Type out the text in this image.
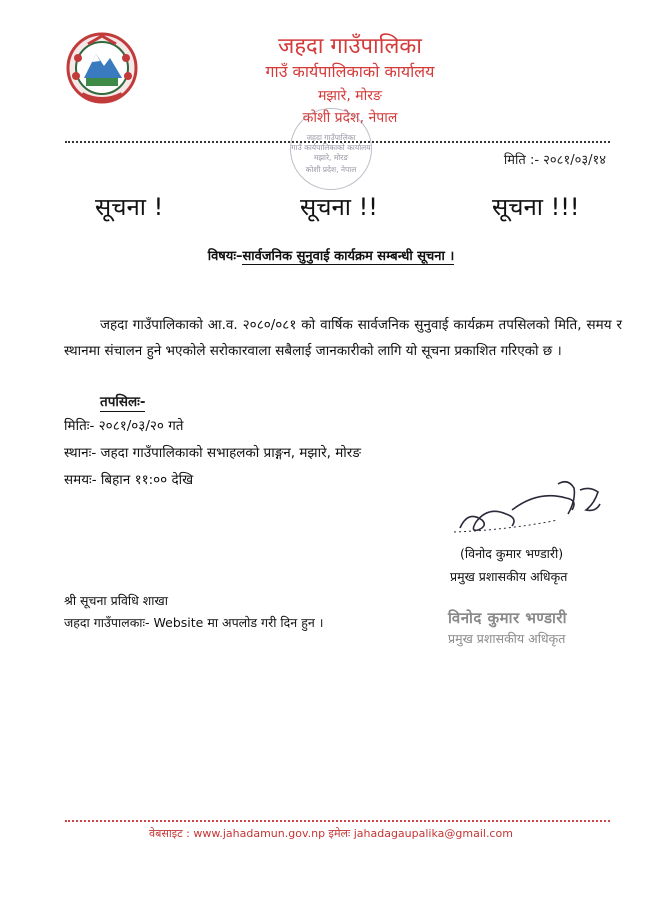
जहदा गाउँपालिका
गाउँ कार्यपालिकाको कार्यालय
मझारे, मोरङ
कोशी प्रदेश, नेपाल
जहदा गाउँपालिका
गाउँ कार्यपालिकाको कार्यालय
मझारे, मोरङ
कोशी प्रदेश, नेपाल
मिति :- २०८१/०३/१४
सूचना !	सूचना !!	सूचना !!!
विषयः–सार्वजनिक सुनुवाई कार्यक्रम सम्बन्धी सूचना ।
जहदा गाउँपालिकाको आ.व. २०८०/०८१ को वार्षिक सार्वजनिक सुनुवाई कार्यक्रम तपसिलको मिति, समय र स्थानमा संचालन हुने भएकोले सरोकारवाला सबैलाई जानकारीको लागि यो सूचना प्रकाशित गरिएको छ ।
तपसिलः-
मितिः- २०८१/०३/२० गते
स्थानः- जहदा गाउँपालिकाको सभाहलको प्राङ्गन, मझारे, मोरङ
समयः- बिहान ११:०० देखि
(विनोद कुमार भण्डारी)
प्रमुख प्रशासकीय अधिकृत
श्री सूचना प्रविधि शाखा
जहदा गाउँपालकाः- Website मा अपलोड गरी दिन हुन ।	विनोद कुमार भण्डारी
प्रमुख प्रशासकीय अधिकृत
वेबसाइट : www.jahadamun.gov.np इमेलः jahadagaupalika@gmail.com
